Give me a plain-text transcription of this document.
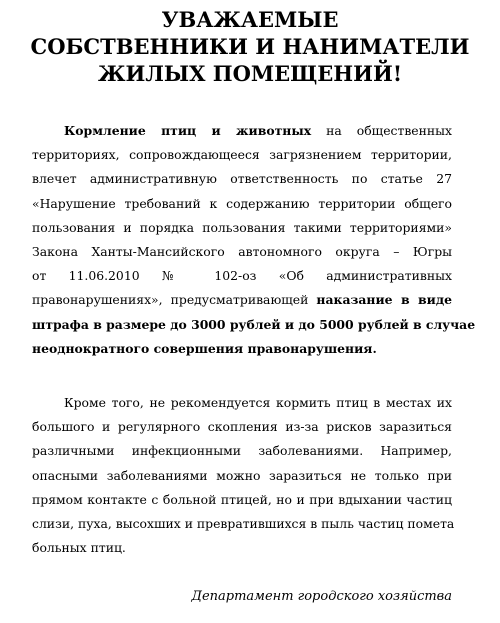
УВАЖАЕМЫЕ
СОБСТВЕННИКИ И НАНИМАТЕЛИ
ЖИЛЫХ ПОМЕЩЕНИЙ!
Кормление птиц и животных на общественных
территориях, сопровождающееся загрязнением территории,
влечет административную ответственность по статье 27
«Нарушение требований к содержанию территории общего
пользования и порядка пользования такими территориями»
Закона Ханты-Мансийского автономного округа – Югры
от 11.06.2010 № 102-оз «Об административных
правонарушениях», предусматривающей наказание в виде
штрафа в размере до 3000 рублей и до 5000 рублей в случае
неоднократного совершения правонарушения.
Кроме того, не рекомендуется кормить птиц в местах их
большого и регулярного скопления из-за рисков заразиться
различными инфекционными заболеваниями. Например,
опасными заболеваниями можно заразиться не только при
прямом контакте с больной птицей, но и при вдыхании частиц
слизи, пуха, высохших и превратившихся в пыль частиц помета
больных птиц.
Департамент городского хозяйства
